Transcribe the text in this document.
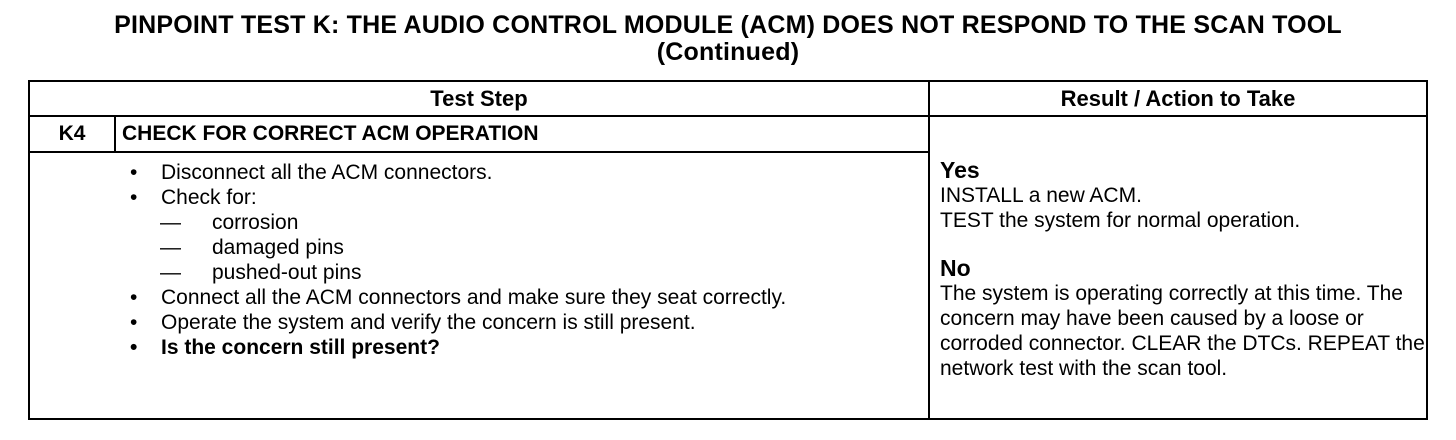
PINPOINT TEST K: THE AUDIO CONTROL MODULE (ACM) DOES NOT RESPOND TO THE SCAN TOOL
(Continued)
Test Step	Result / Action to Take
K4	CHECK FOR CORRECT ACM OPERATION
• Disconnect all the ACM connectors.
• Check for:
— corrosion
— damaged pins
— pushed-out pins
• Connect all the ACM connectors and make sure they seat correctly.
• Operate the system and verify the concern is still present.
• Is the concern still present?
Yes
INSTALL a new ACM.
TEST the system for normal operation.
No
The system is operating correctly at this time. The concern may have been caused by a loose or corroded connector. CLEAR the DTCs. REPEAT the network test with the scan tool.
